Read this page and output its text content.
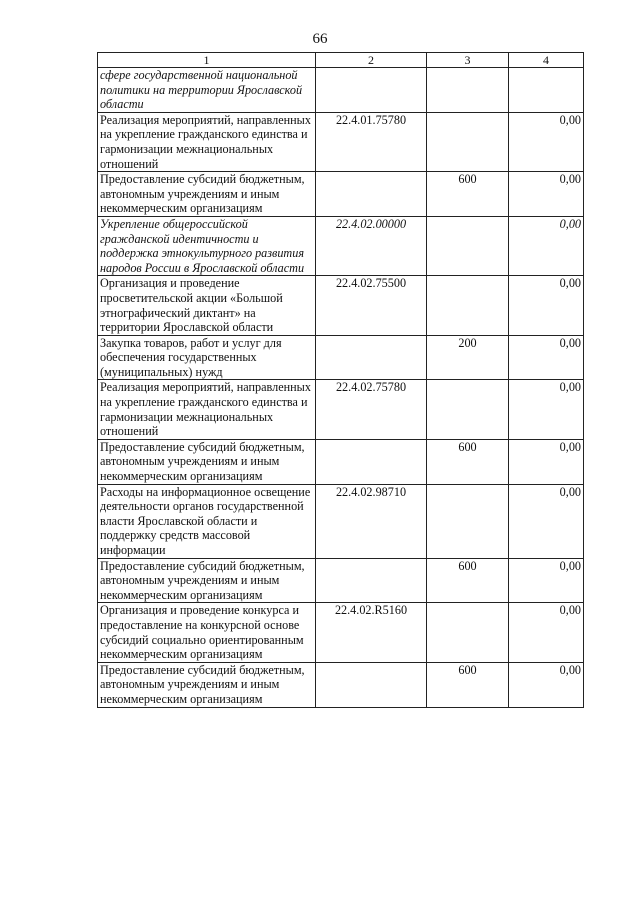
66
1	2	3	4
сфере государственной национальной политики на территории Ярославской области			
Реализация мероприятий, направленных на укрепление гражданского единства и гармонизации межнациональных отношений	22.4.01.75780		0,00
Предоставление субсидий бюджетным, автономным учреждениям и иным некоммерческим организациям		600	0,00
Укрепление общероссийской гражданской идентичности и поддержка этнокультурного развития народов России в Ярославской области	22.4.02.00000		0,00
Организация и проведение просветительской акции «Большой этнографический диктант» на территории Ярославской области	22.4.02.75500		0,00
Закупка товаров, работ и услуг для обеспечения государственных (муниципальных) нужд		200	0,00
Реализация мероприятий, направленных на укрепление гражданского единства и гармонизации межнациональных отношений	22.4.02.75780		0,00
Предоставление субсидий бюджетным, автономным учреждениям и иным некоммерческим организациям		600	0,00
Расходы на информационное освещение деятельности органов государственной власти Ярославской области и поддержку средств массовой информации	22.4.02.98710		0,00
Предоставление субсидий бюджетным, автономным учреждениям и иным некоммерческим организациям		600	0,00
Организация и проведение конкурса и предоставление на конкурсной основе субсидий социально ориентированным некоммерческим организациям	22.4.02.R5160		0,00
Предоставление субсидий бюджетным, автономным учреждениям и иным некоммерческим организациям		600	0,00
